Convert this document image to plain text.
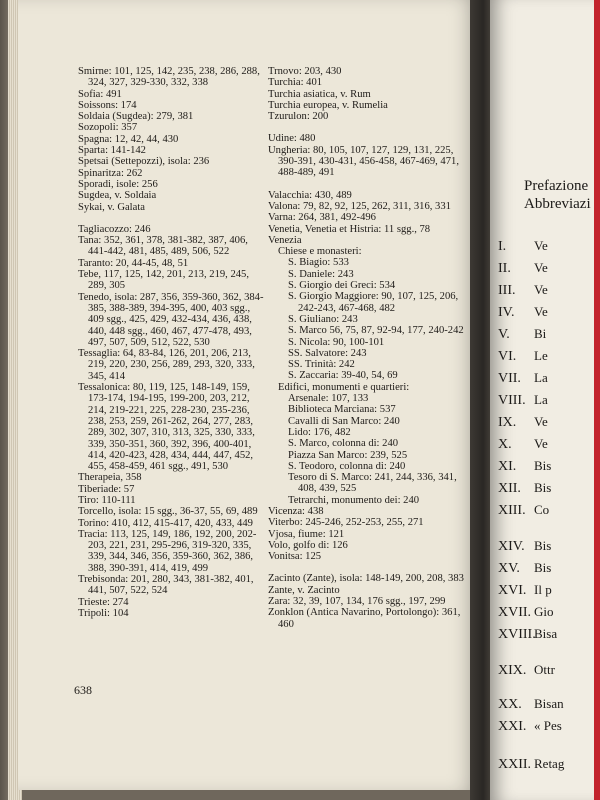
Smirne: 101, 125, 142, 235, 238, 286, 288, 324, 327, 329-330, 332, 338
Sofia: 491
Soissons: 174
Soldaia (Sugdea): 279, 381
Sozopoli: 357
Spagna: 12, 42, 44, 430
Sparta: 141-142
Spetsai (Settepozzi), isola: 236
Spinaritza: 262
Sporadi, isole: 256
Sugdea, v. Soldaia
Sykai, v. Galata
Tagliacozzo: 246
Tana: 352, 361, 378, 381-382, 387, 406, 441-442, 481, 485, 489, 506, 522
Taranto: 20, 44-45, 48, 51
Tebe, 117, 125, 142, 201, 213, 219, 245, 289, 305
Tenedo, isola: 287, 356, 359-360, 362, 384-385, 388-389, 394-395, 400, 403 sgg., 409 sgg., 425, 429, 432-434, 436, 438, 440, 448 sgg., 460, 467, 477-478, 493, 497, 507, 509, 512, 522, 530
Tessaglia: 64, 83-84, 126, 201, 206, 213, 219, 220, 230, 256, 289, 293, 320, 333, 345, 414
Tessalonica: 80, 119, 125, 148-149, 159, 173-174, 194-195, 199-200, 203, 212, 214, 219-221, 225, 228-230, 235-236, 238, 253, 259, 261-262, 264, 277, 283, 289, 302, 307, 310, 313, 325, 330, 333, 339, 350-351, 360, 392, 396, 400-401, 414, 420-423, 428, 434, 444, 447, 452, 455, 458-459, 461 sgg., 491, 530
Therapeia, 358
Tiberiade: 57
Tiro: 110-111
Torcello, isola: 15 sgg., 36-37, 55, 69, 489
Torino: 410, 412, 415-417, 420, 433, 449
Tracia: 113, 125, 149, 186, 192, 200, 202-203, 221, 231, 295-296, 319-320, 335, 339, 344, 346, 356, 359-360, 362, 386, 388, 390-391, 414, 419, 499
Trebisonda: 201, 280, 343, 381-382, 401, 441, 507, 522, 524
Trieste: 274
Tripoli: 104
Trnovo: 203, 430
Turchia: 401
Turchia asiatica, v. Rum
Turchia europea, v. Rumelia
Tzurulon: 200
Udine: 480
Ungheria: 80, 105, 107, 127, 129, 131, 225, 390-391, 430-431, 456-458, 467-469, 471, 488-489, 491
Valacchia: 430, 489
Valona: 79, 82, 92, 125, 262, 311, 316, 331
Varna: 264, 381, 492-496
Venetia, Venetia et Histria: 11 sgg., 78
Venezia
Chiese e monasteri:
S. Biagio: 533
S. Daniele: 243
S. Giorgio dei Greci: 534
S. Giorgio Maggiore: 90, 107, 125, 206, 242-243, 467-468, 482
S. Giuliano: 243
S. Marco 56, 75, 87, 92-94, 177, 240-242
S. Nicola: 90, 100-101
SS. Salvatore: 243
SS. Trinità: 242
S. Zaccaria: 39-40, 54, 69
Edifici, monumenti e quartieri:
Arsenale: 107, 133
Biblioteca Marciana: 537
Cavalli di San Marco: 240
Lido: 176, 482
S. Marco, colonna di: 240
Piazza San Marco: 239, 525
S. Teodoro, colonna di: 240
Tesoro di S. Marco: 241, 244, 336, 341, 408, 439, 525
Tetrarchi, monumento dei: 240
Vicenza: 438
Viterbo: 245-246, 252-253, 255, 271
Vjosa, fiume: 121
Volo, golfo di: 126
Vonitsa: 125
Zacinto (Zante), isola: 148-149, 200, 208, 383
Zante, v. Zacinto
Zara: 32, 39, 107, 134, 176 sgg., 197, 299
Zonklon (Antica Navarino, Portolongo): 361, 460
638
Prefazione
Abbreviazi
I. Ve
II. Ve
III. Ve
IV. Ve
V. Bi
VI. Le
VII. La
VIII. La
IX. Ve
X. Ve
XI. Bis
XII. Bis
XIII. Co
XIV. Bis
XV. Bis
XVI. Il p
XVII. Gio
XVIII.Bisa
XIX. Ottr
XX. Bisan
XXI. « Pes
XXII. Retag
